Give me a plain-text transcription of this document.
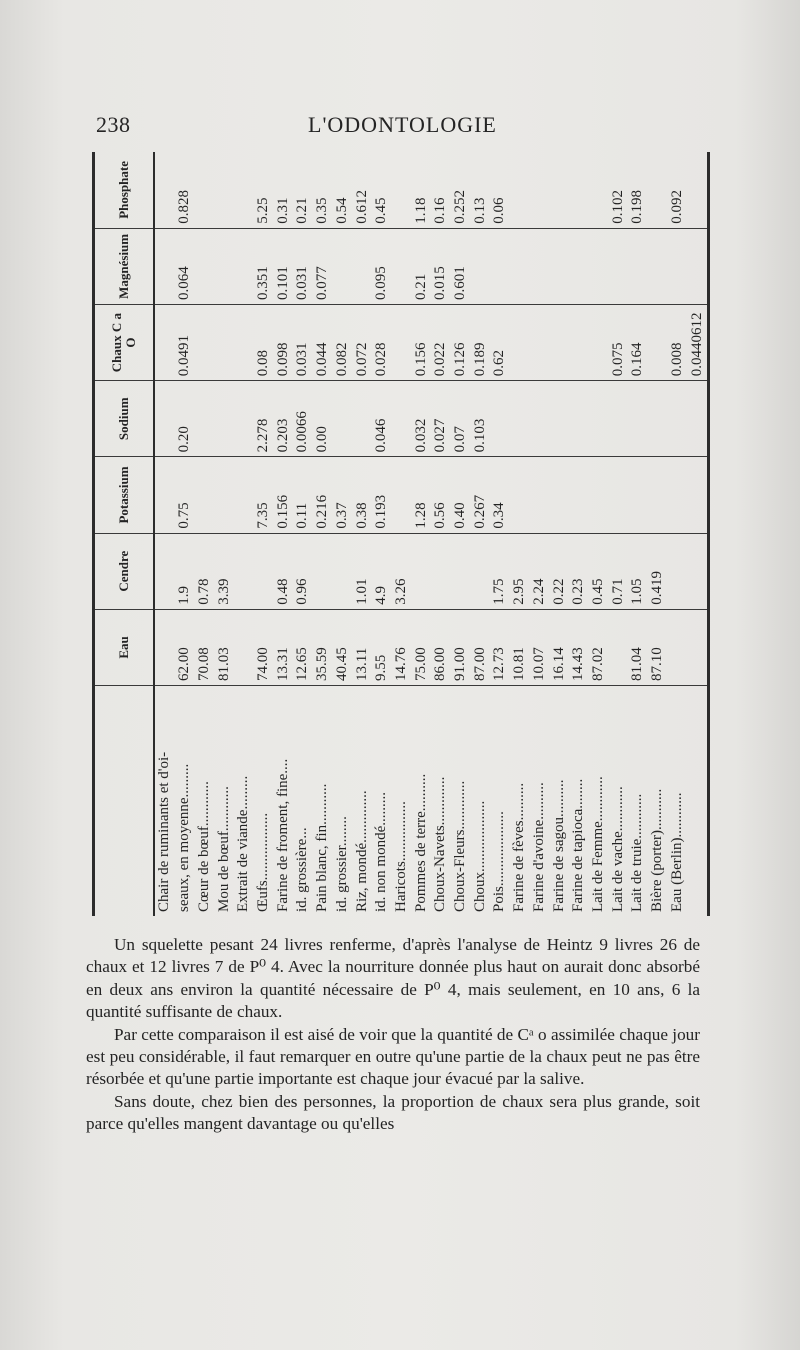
238	L'ODONTOLOGIE
	Eau	Cendre	Potassium	Sodium	Chaux C a O	Magnésium	Phosphate
Chair de ruminants et d'oi-							
seaux, en moyenne.........	62.00	1.9	0.75	0.20	0.0491	0.064	0.828
Cœur de bœuf............	70.08	0.78					
Mou de bœuf............	81.03	3.39					
Extrait de viande.........							
Œufs..................	74.00		7.35	2.278	0.08	0.351	5.25
Farine de froment, fine....	13.31	0.48	0.156	0.203	0.098	0.101	0.31
id. grossière...	12.65	0.96	0.11	0.0066	0.031	0.031	0.21
Pain blanc, fin...........	35.59		0.216	0.00	0.044	0.077	0.35
id. grossier........	40.45		0.37		0.082		0.54
Riz, mondé..............	13.11	1.01	0.38		0.072		0.612
id. non mondé.........	9.55	4.9	0.193	0.046	0.028	0.095	0.45
Haricots................	14.76	3.26					
Pommes de terre..........	75.00		1.28	0.032	0.156	0.21	1.18
Choux-Navets.............	86.00		0.56	0.027	0.022	0.015	0.16
Choux-Fleurs.............	91.00		0.40	0.07	0.126	0.601	0.252
Choux...................	87.00		0.267	0.103	0.189		0.13
Pois....................	12.73	1.75	0.34		0.62		0.06
Farine de fèves..........	10.81	2.95					
Farine d'avoine..........	10.07	2.24					
Farine de sagou..........	16.14	0.22					
Farine de tapioca........	14.43	0.23					
Lait de Femme............	87.02	0.45					
Lait de vache............		0.71			0.075		0.102
Lait de truie............	81.04	1.05			0.164		0.198
Bière (porter)...........	87.10	0.419					
Eau (Berlin)............					0.008		0.092
					0.0440612		

Un squelette pesant 24 livres renferme, d'après l'analyse de Heintz 9 livres 26 de chaux et 12 livres 7 de P⁰ 4. Avec la nourriture donnée plus haut on aurait donc absorbé en deux ans environ la quantité nécessaire de P⁰ 4, mais seulement, en 10 ans, 6 la quantité suffisante de chaux.

Par cette comparaison il est aisé de voir que la quantité de Cᵃ o assimilée chaque jour est peu considérable, il faut remarquer en outre qu'une partie de la chaux peut ne pas être résorbée et qu'une partie importante est chaque jour évacué par la salive.

Sans doute, chez bien des personnes, la proportion de chaux sera plus grande, soit parce qu'elles mangent davantage ou qu'elles
